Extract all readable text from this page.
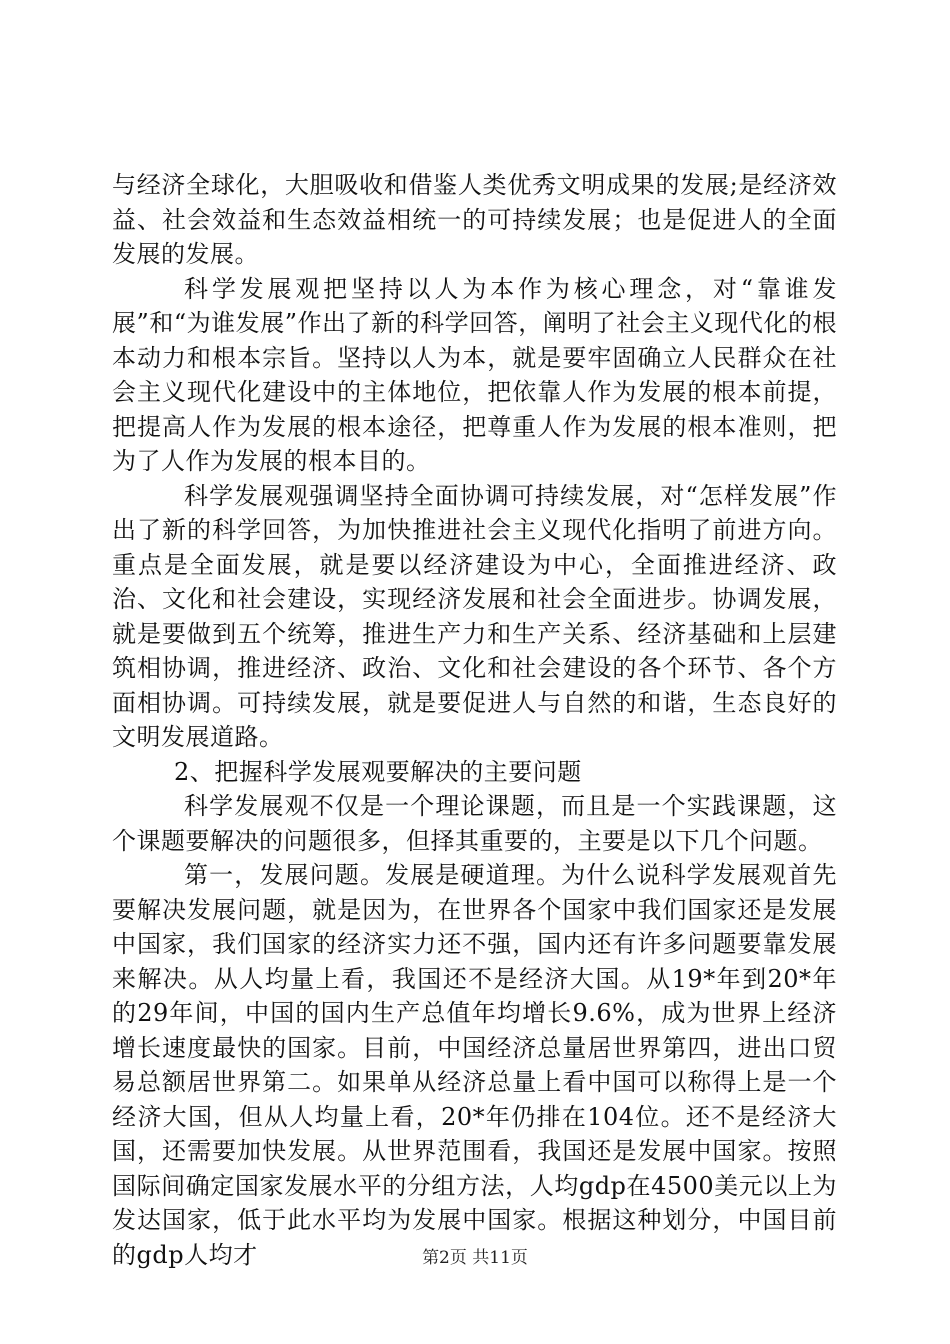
与经济全球化，大胆吸收和借鉴人类优秀文明成果的发展;是经济效益、社会效益和生态效益相统一的可持续发展；也是促进人的全面发展的发展。

科学发展观把坚持以人为本作为核心理念，对“靠谁发展”和“为谁发展”作出了新的科学回答，阐明了社会主义现代化的根本动力和根本宗旨。坚持以人为本，就是要牢固确立人民群众在社会主义现代化建设中的主体地位，把依靠人作为发展的根本前提，把提高人作为发展的根本途径，把尊重人作为发展的根本准则，把为了人作为发展的根本目的。

科学发展观强调坚持全面协调可持续发展，对“怎样发展”作出了新的科学回答，为加快推进社会主义现代化指明了前进方向。重点是全面发展，就是要以经济建设为中心，全面推进经济、政治、文化和社会建设，实现经济发展和社会全面进步。协调发展，就是要做到五个统筹，推进生产力和生产关系、经济基础和上层建筑相协调，推进经济、政治、文化和社会建设的各个环节、各个方面相协调。可持续发展，就是要促进人与自然的和谐，生态良好的文明发展道路。

2、把握科学发展观要解决的主要问题

科学发展观不仅是一个理论课题，而且是一个实践课题，这个课题要解决的问题很多，但择其重要的，主要是以下几个问题。

第一，发展问题。发展是硬道理。为什么说科学发展观首先要解决发展问题，就是因为，在世界各个国家中我们国家还是发展中国家，我们国家的经济实力还不强，国内还有许多问题要靠发展来解决。从人均量上看，我国还不是经济大国。从19*年到20*年的29年间，中国的国内生产总值年均增长9.6%，成为世界上经济增长速度最快的国家。目前，中国经济总量居世界第四，进出口贸易总额居世界第二。如果单从经济总量上看中国可以称得上是一个经济大国，但从人均量上看，20*年仍排在104位。还不是经济大国，还需要加快发展。从世界范围看，我国还是发展中国家。按照国际间确定国家发展水平的分组方法，人均gdp在4500美元以上为发达国家，低于此水平均为发展中国家。根据这种划分，中国目前的gdp人均才	第2页 共11页
